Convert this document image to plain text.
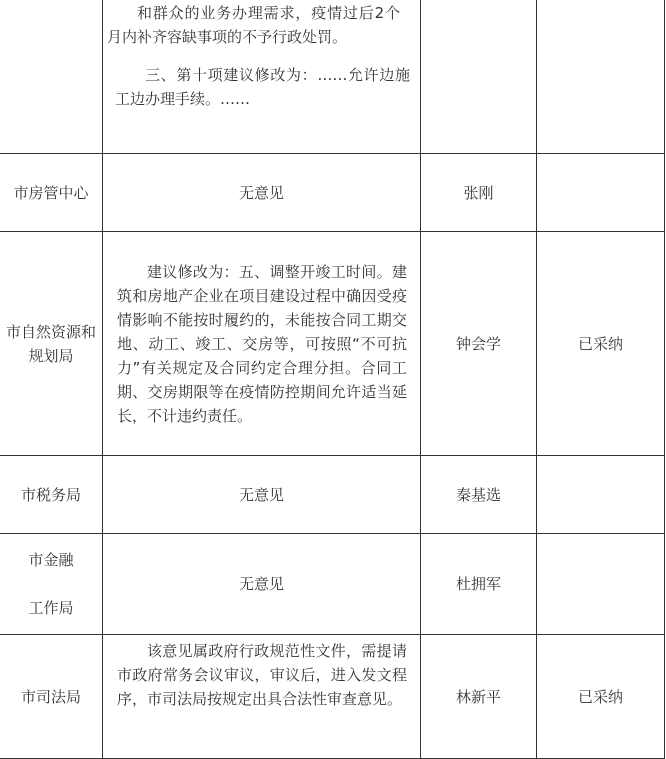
	和群众的业务办理需求，疫情过后2个月内补齐容缺事项的不予行政处罚。
三、第十项建议修改为：……允许边施工边办理手续。……		

市房管中心	无意见	张刚	

市自然资源和规划局	建议修改为：五、调整开竣工时间。建筑和房地产企业在项目建设过程中确因受疫情影响不能按时履约的，未能按合同工期交地、动工、竣工、交房等，可按照“不可抗力”有关规定及合同约定合理分担。合同工期、交房期限等在疫情防控期间允许适当延长，不计违约责任。	钟会学	已采纳
市税务局	无意见	秦基选	

市金融
工作局	无意见	杜拥军	
市司法局	该意见属政府行政规范性文件，需提请市政府常务会议审议，审议后，进入发文程序，市司法局按规定出具合法性审查意见。	林新平	已采纳
